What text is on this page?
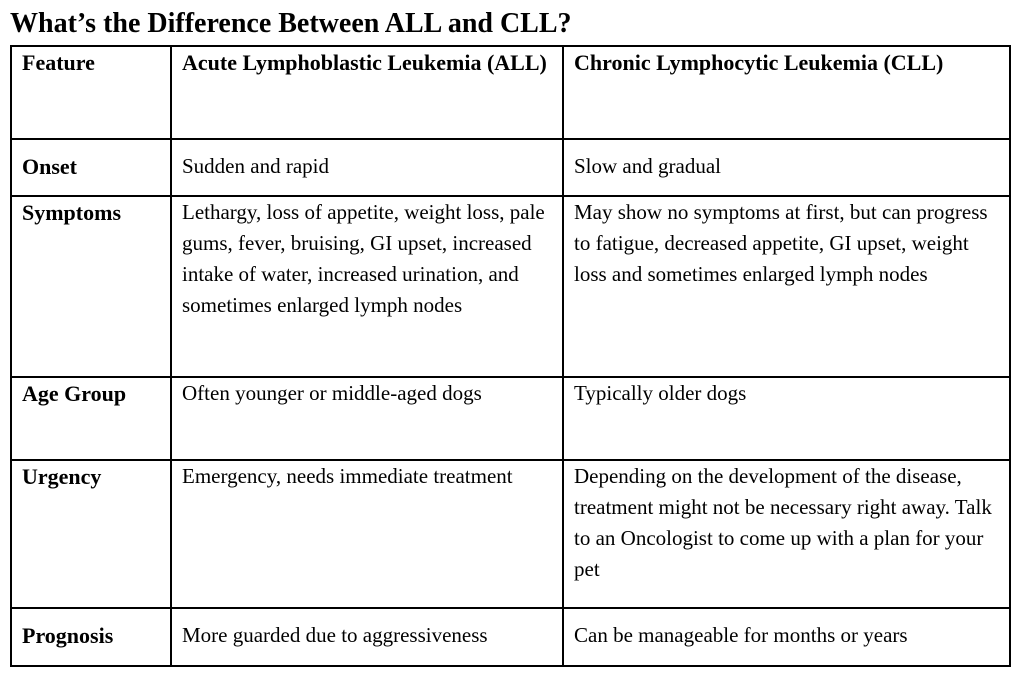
What’s the Difference Between ALL and CLL?
Feature	Acute Lymphoblastic Leukemia (ALL)	Chronic Lymphocytic Leukemia (CLL)
Onset	Sudden and rapid	Slow and gradual
Symptoms	Lethargy, loss of appetite, weight loss, pale gums, fever, bruising, GI upset, increased intake of water, increased urination, and sometimes enlarged lymph nodes	May show no symptoms at first, but can progress to fatigue, decreased appetite, GI upset, weight loss and sometimes enlarged lymph nodes
Age Group	Often younger or middle-aged dogs	Typically older dogs
Urgency	Emergency, needs immediate treatment	Depending on the development of the disease, treatment might not be necessary right away. Talk to an Oncologist to come up with a plan for your pet
Prognosis	More guarded due to aggressiveness	Can be manageable for months or years
